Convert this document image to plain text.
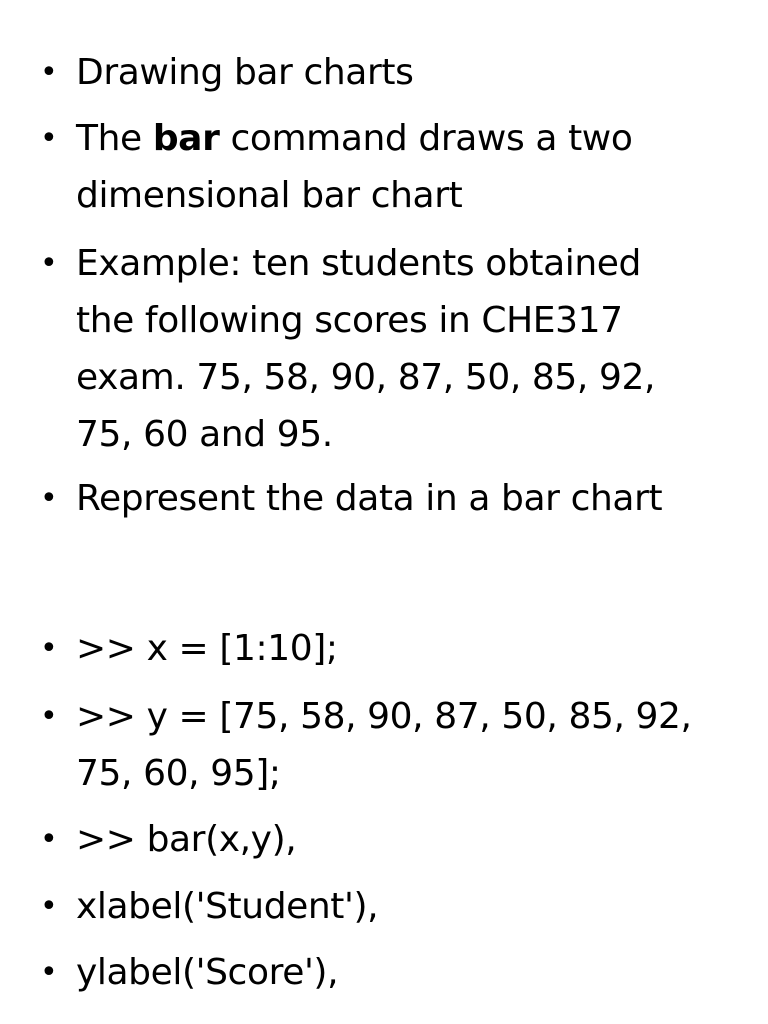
• Drawing bar charts
• The bar command draws a two
dimensional bar chart
• Example: ten students obtained
the following scores in CHE317
exam. 75, 58, 90, 87, 50, 85, 92,
75, 60 and 95.
• Represent the data in a bar chart
• >> x = [1:10];
• >> y = [75, 58, 90, 87, 50, 85, 92,
75, 60, 95];
• >> bar(x,y),
• xlabel('Student'),
• ylabel('Score'),
